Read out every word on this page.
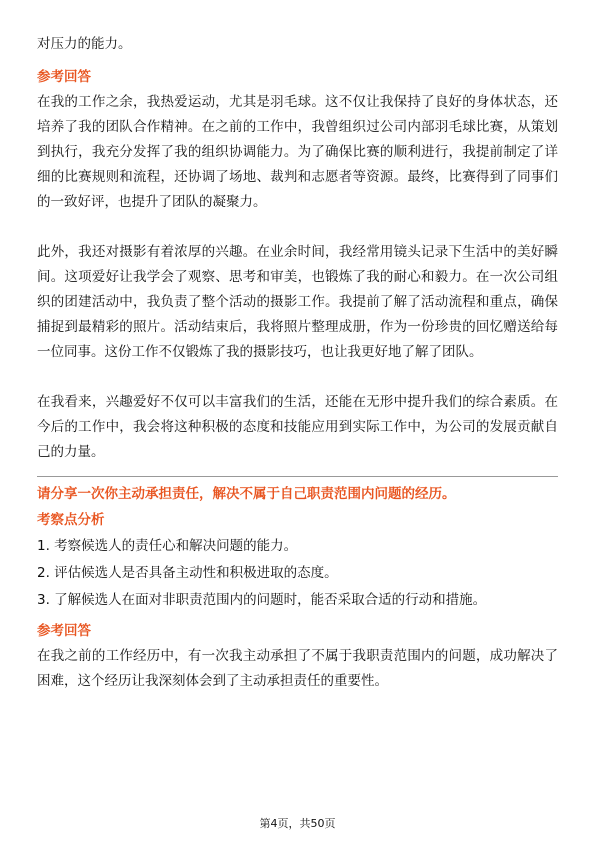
对压力的能力。

参考回答

在我的工作之余，我热爱运动，尤其是羽毛球。这不仅让我保持了良好的身体状态，还培养了我的团队合作精神。在之前的工作中，我曾组织过公司内部羽毛球比赛，从策划到执行，我充分发挥了我的组织协调能力。为了确保比赛的顺利进行，我提前制定了详细的比赛规则和流程，还协调了场地、裁判和志愿者等资源。最终，比赛得到了同事们的一致好评，也提升了团队的凝聚力。

此外，我还对摄影有着浓厚的兴趣。在业余时间，我经常用镜头记录下生活中的美好瞬间。这项爱好让我学会了观察、思考和审美，也锻炼了我的耐心和毅力。在一次公司组织的团建活动中，我负责了整个活动的摄影工作。我提前了解了活动流程和重点，确保捕捉到最精彩的照片。活动结束后，我将照片整理成册，作为一份珍贵的回忆赠送给每一位同事。这份工作不仅锻炼了我的摄影技巧，也让我更好地了解了团队。

在我看来，兴趣爱好不仅可以丰富我们的生活，还能在无形中提升我们的综合素质。在今后的工作中，我会将这种积极的态度和技能应用到实际工作中，为公司的发展贡献自己的力量。

请分享一次你主动承担责任，解决不属于自己职责范围内问题的经历。

考察点分析

1. 考察候选人的责任心和解决问题的能力。

2. 评估候选人是否具备主动性和积极进取的态度。

3. 了解候选人在面对非职责范围内的问题时，能否采取合适的行动和措施。

参考回答

在我之前的工作经历中，有一次我主动承担了不属于我职责范围内的问题，成功解决了困难，这个经历让我深刻体会到了主动承担责任的重要性。

第4页，共50页
